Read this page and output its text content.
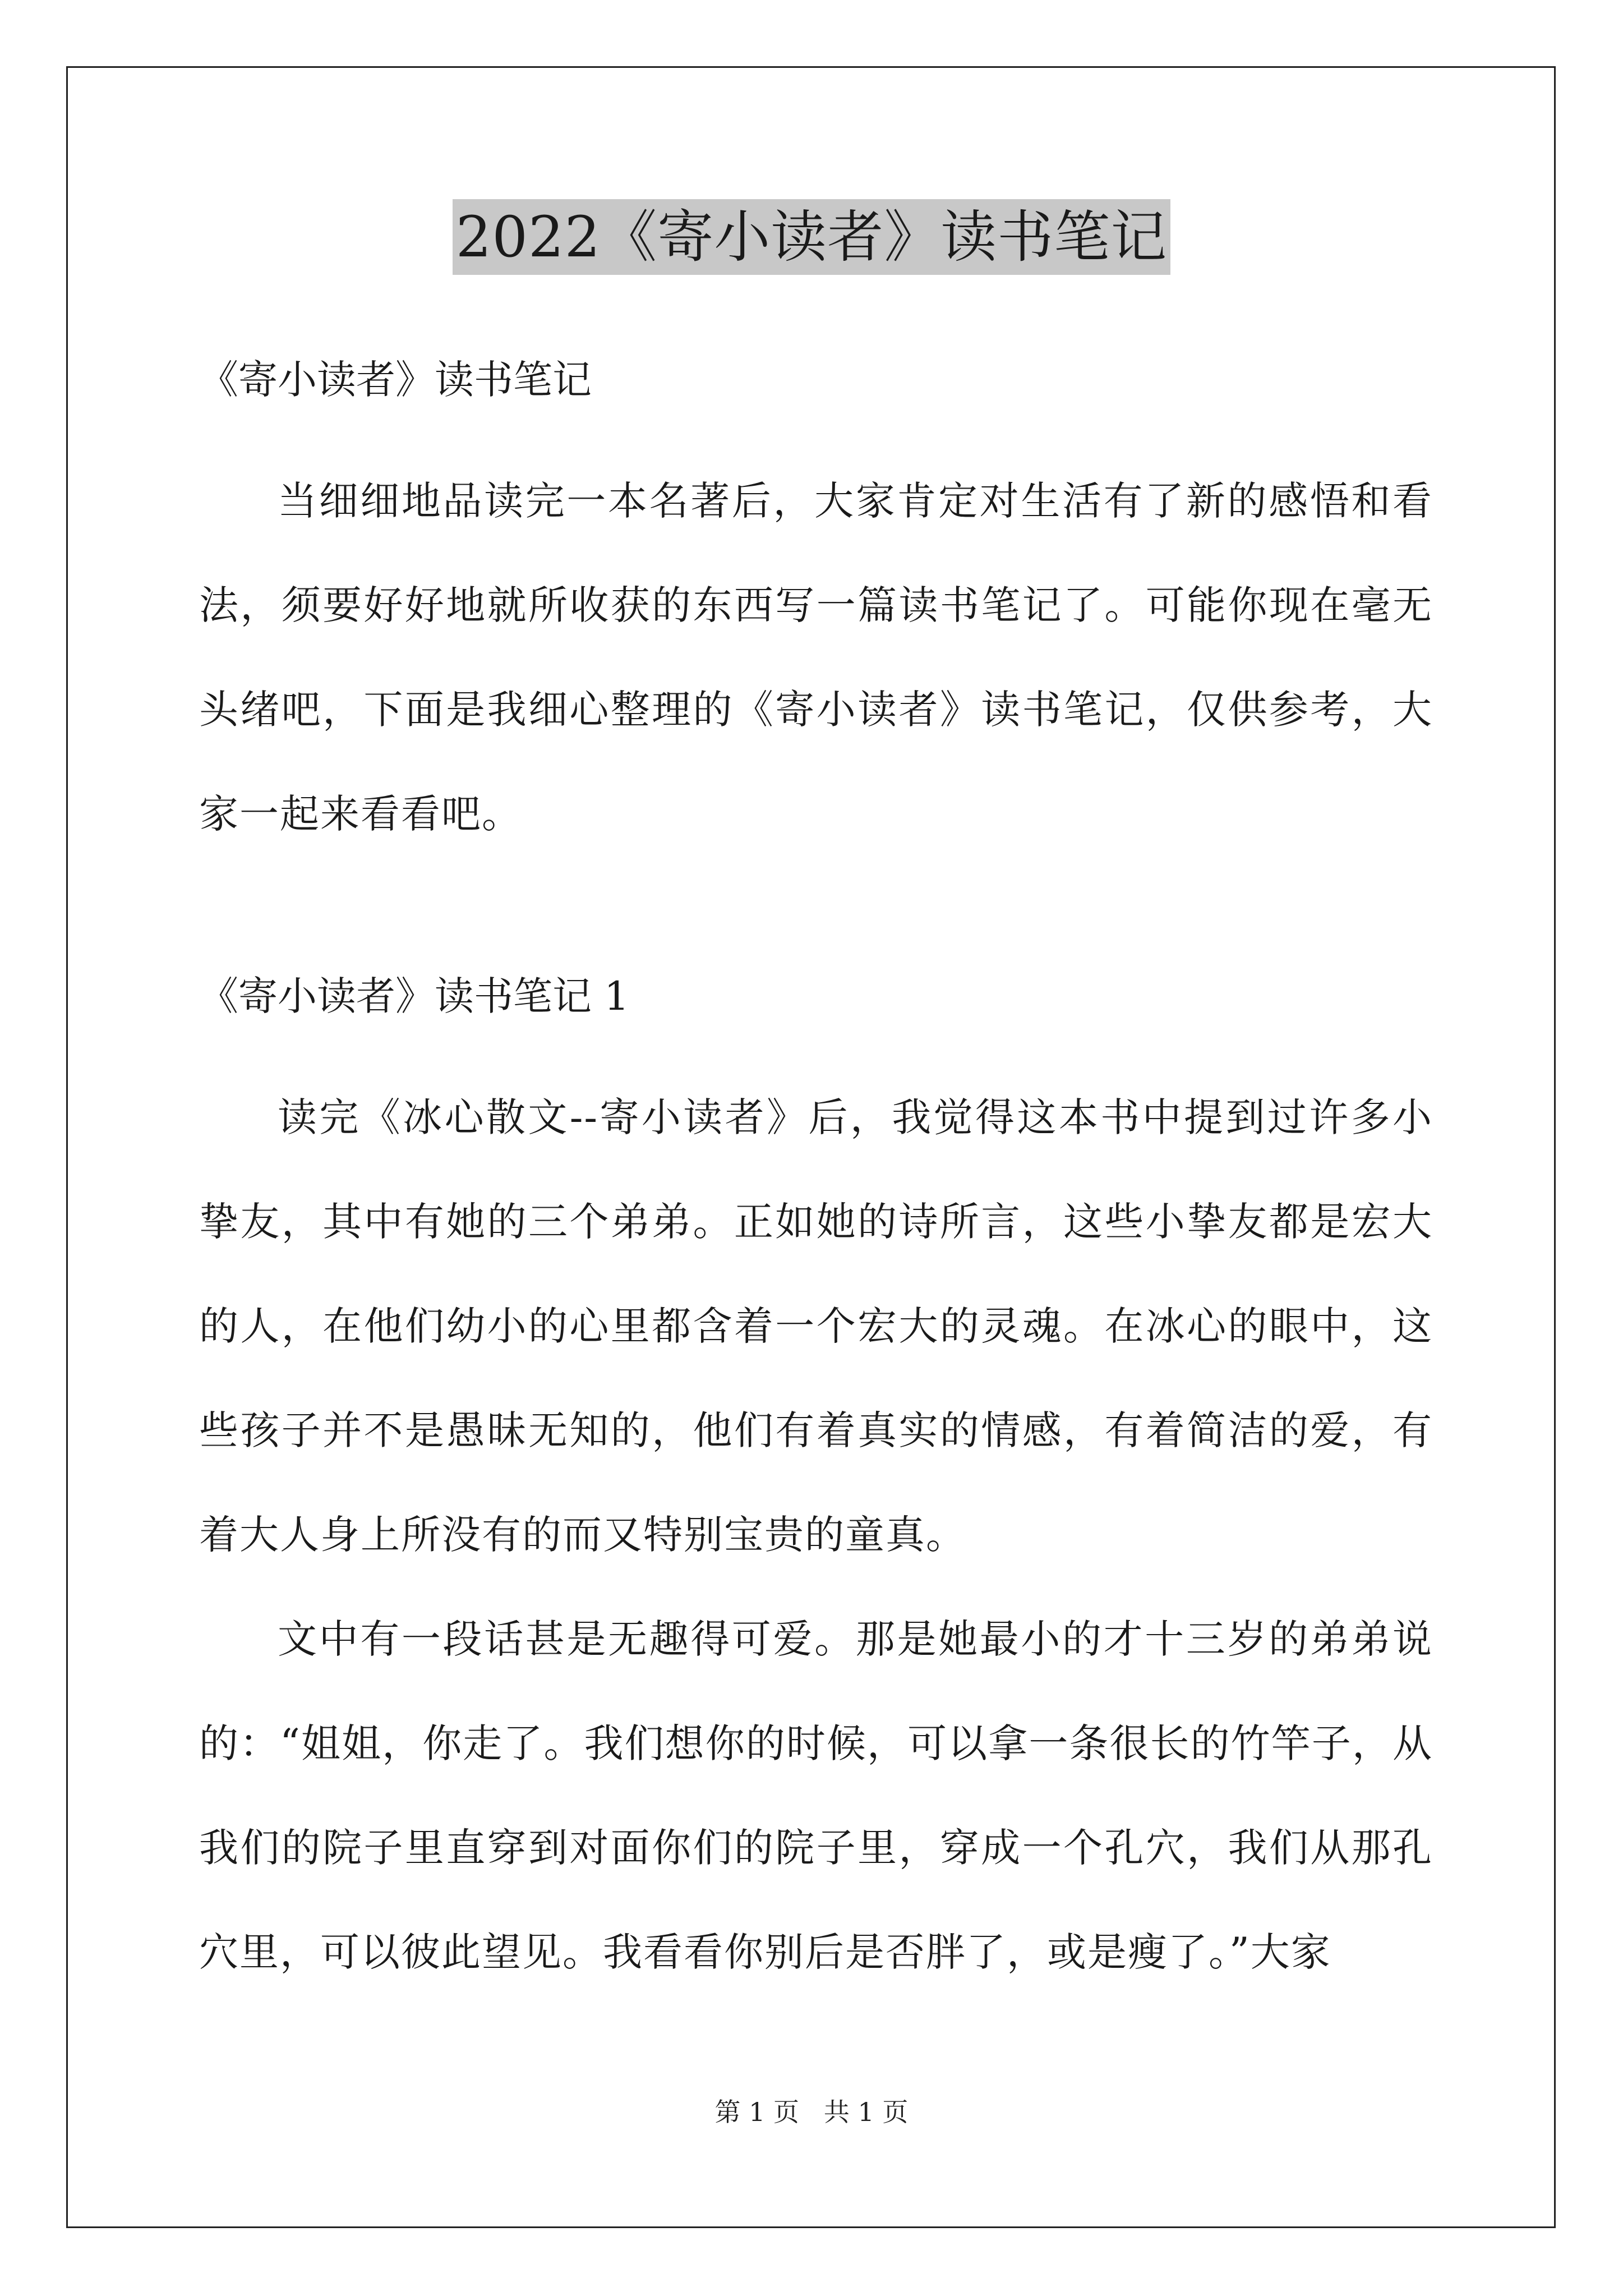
2022《寄小读者》读书笔记

《寄小读者》读书笔记

当细细地品读完一本名著后，大家肯定对生活有了新的感悟和看法，须要好好地就所收获的东西写一篇读书笔记了。可能你现在毫无头绪吧，下面是我细心整理的《寄小读者》读书笔记，仅供参考，大家一起来看看吧。

《寄小读者》读书笔记 1

读完《冰心散文--寄小读者》后，我觉得这本书中提到过许多小挚友，其中有她的三个弟弟。正如她的诗所言，这些小挚友都是宏大的人，在他们幼小的心里都含着一个宏大的灵魂。在冰心的眼中，这些孩子并不是愚昧无知的，他们有着真实的情感，有着简洁的爱，有着大人身上所没有的而又特别宝贵的童真。

文中有一段话甚是无趣得可爱。那是她最小的才十三岁的弟弟说的：“姐姐，你走了。我们想你的时候，可以拿一条很长的竹竿子，从我们的院子里直穿到对面你们的院子里，穿成一个孔穴，我们从那孔穴里，可以彼此望见。我看看你别后是否胖了，或是瘦了。”大家

第 1 页   共 1 页
